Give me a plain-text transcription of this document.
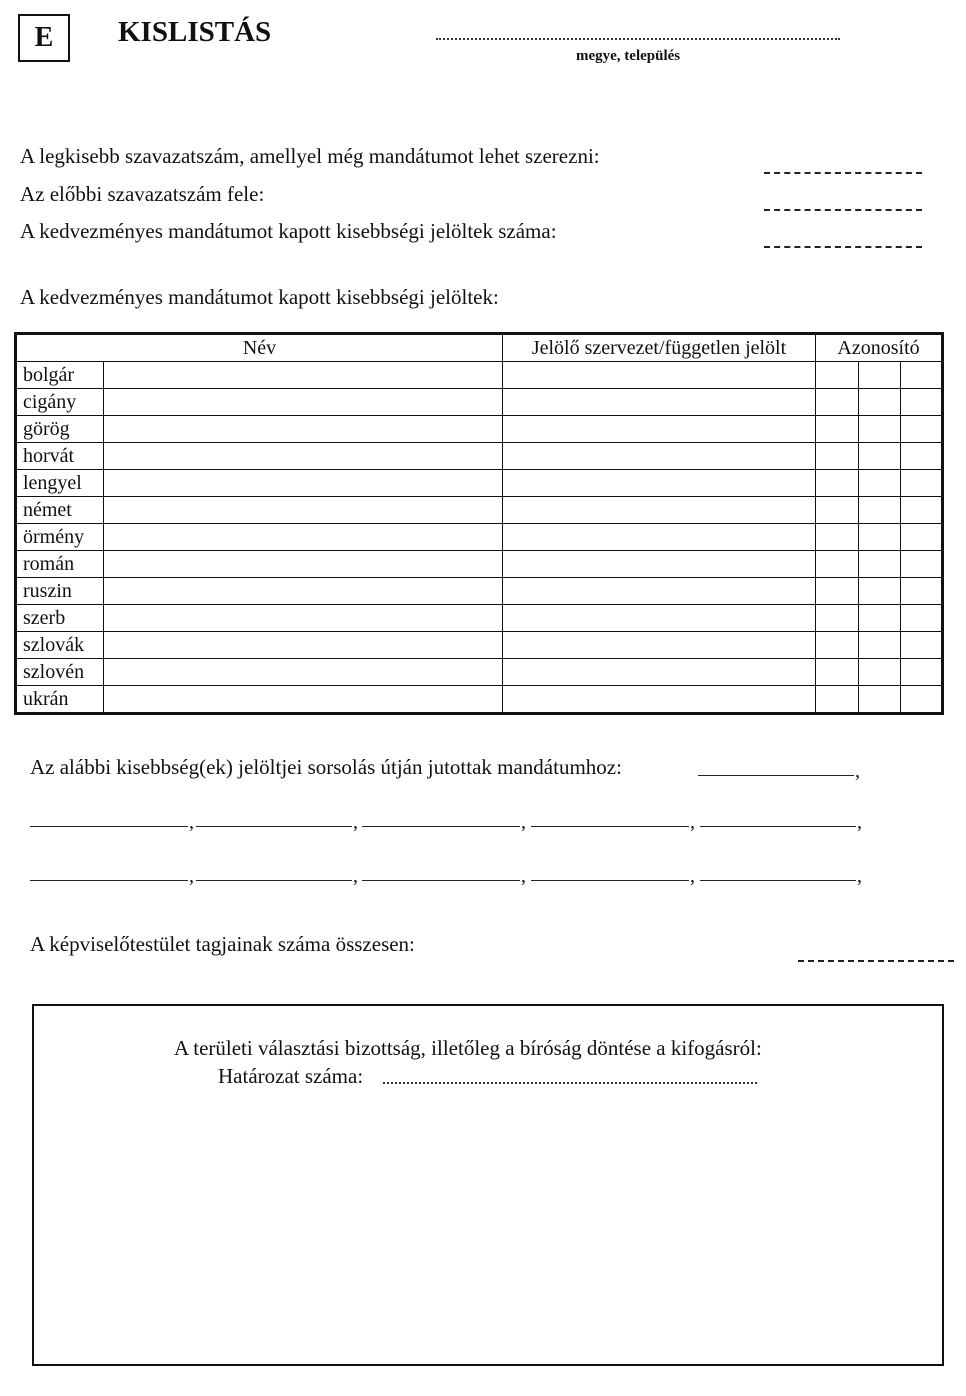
E	KISLISTÁS
megye, település
A legkisebb szavazatszám, amellyel még mandátumot lehet szerezni:
Az előbbi szavazatszám fele:
A kedvezményes mandátumot kapott kisebbségi jelöltek száma:
A kedvezményes mandátumot kapott kisebbségi jelöltek:
Név		Jelölő szervezet/független jelölt	Azonosító		
bolgár					
cigány					
görög					
horvát					
lengyel					
német					
örmény					
román					
ruszin					
szerb					
szlovák					
szlovén					
ukrán					
Az alábbi kisebbség(ek) jelöltjei sorsolás útján jutottak mandátumhoz:	,
,	,	,	,	,
,	,	,	,	,
A képviselőtestület tagjainak száma összesen:
A területi választási bizottság, illetőleg a bíróság döntése a kifogásról:
Határozat száma:
